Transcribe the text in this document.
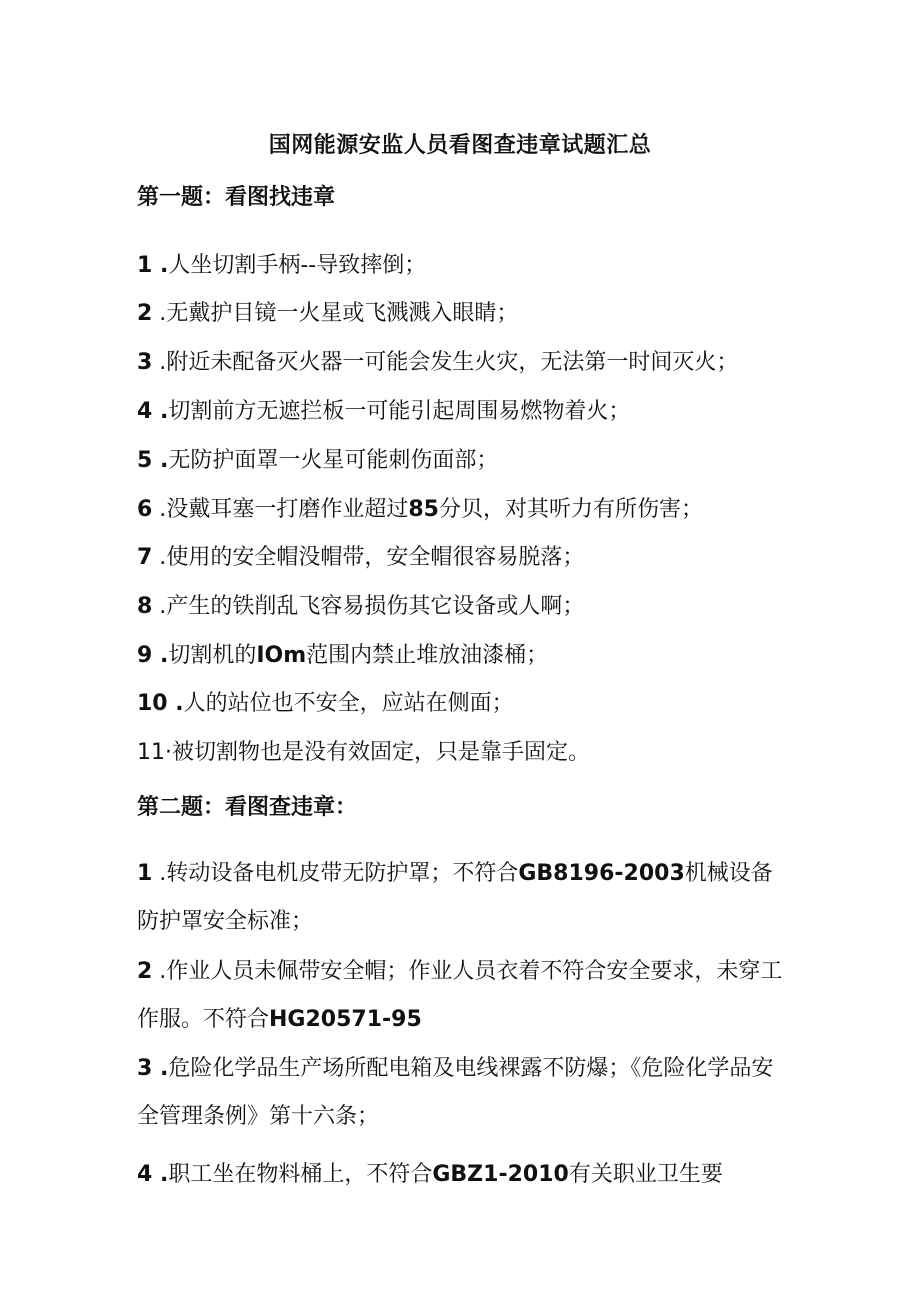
国网能源安监人员看图查违章试题汇总
第一题：看图找违章

1 .人坐切割手柄--导致摔倒；

2 .无戴护目镜一火星或飞溅溅入眼睛；

3 .附近未配备灭火器一可能会发生火灾，无法第一时间灭火；

4 .切割前方无遮拦板一可能引起周围易燃物着火；

5 .无防护面罩一火星可能刺伤面部；

6 .没戴耳塞一打磨作业超过85分贝，对其听力有所伤害；

7 .使用的安全帽没帽带，安全帽很容易脱落；

8 .产生的铁削乱飞容易损伤其它设备或人啊；

9 .切割机的IOm范围内禁止堆放油漆桶；

10 .人的站位也不安全，应站在侧面；

11·被切割物也是没有效固定，只是靠手固定。

第二题：看图查违章：

1 .转动设备电机皮带无防护罩；不符合GB8196-2003机械设备防护罩安全标准；

2 .作业人员未佩带安全帽；作业人员衣着不符合安全要求，未穿工作服。不符合HG20571-95

3 .危险化学品生产场所配电箱及电线裸露不防爆；《危险化学品安全管理条例》第十六条；

4 .职工坐在物料桶上，不符合GBZ1-2010有关职业卫生要
